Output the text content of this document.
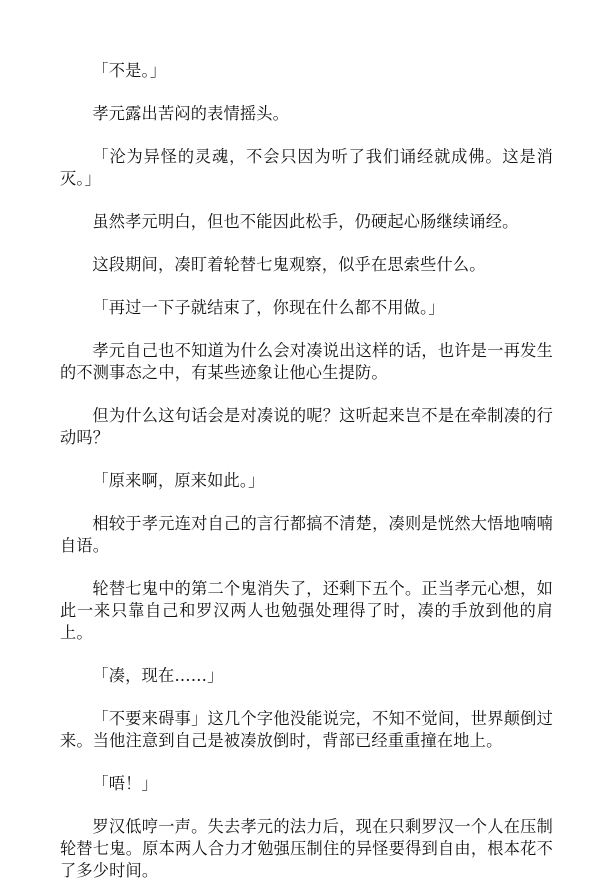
「不是。」

孝元露出苦闷的表情摇头。

「沦为异怪的灵魂，不会只因为听了我们诵经就成佛。这是消灭。」

虽然孝元明白，但也不能因此松手，仍硬起心肠继续诵经。

这段期间，凑盯着轮替七鬼观察，似乎在思索些什么。

「再过一下子就结束了，你现在什么都不用做。」

孝元自己也不知道为什么会对凑说出这样的话，也许是一再发生的不测事态之中，有某些迹象让他心生提防。

但为什么这句话会是对凑说的呢？这听起来岂不是在牵制凑的行动吗？

「原来啊，原来如此。」

相较于孝元连对自己的言行都搞不清楚，凑则是恍然大悟地喃喃自语。

轮替七鬼中的第二个鬼消失了，还剩下五个。正当孝元心想，如此一来只靠自己和罗汉两人也勉强处理得了时，凑的手放到他的肩上。

「凑，现在……」

「不要来碍事」这几个字他没能说完，不知不觉间，世界颠倒过来。当他注意到自己是被凑放倒时，背部已经重重撞在地上。

「唔！」

罗汉低哼一声。失去孝元的法力后，现在只剩罗汉一个人在压制轮替七鬼。原本两人合力才勉强压制住的异怪要得到自由，根本花不了多少时间。
